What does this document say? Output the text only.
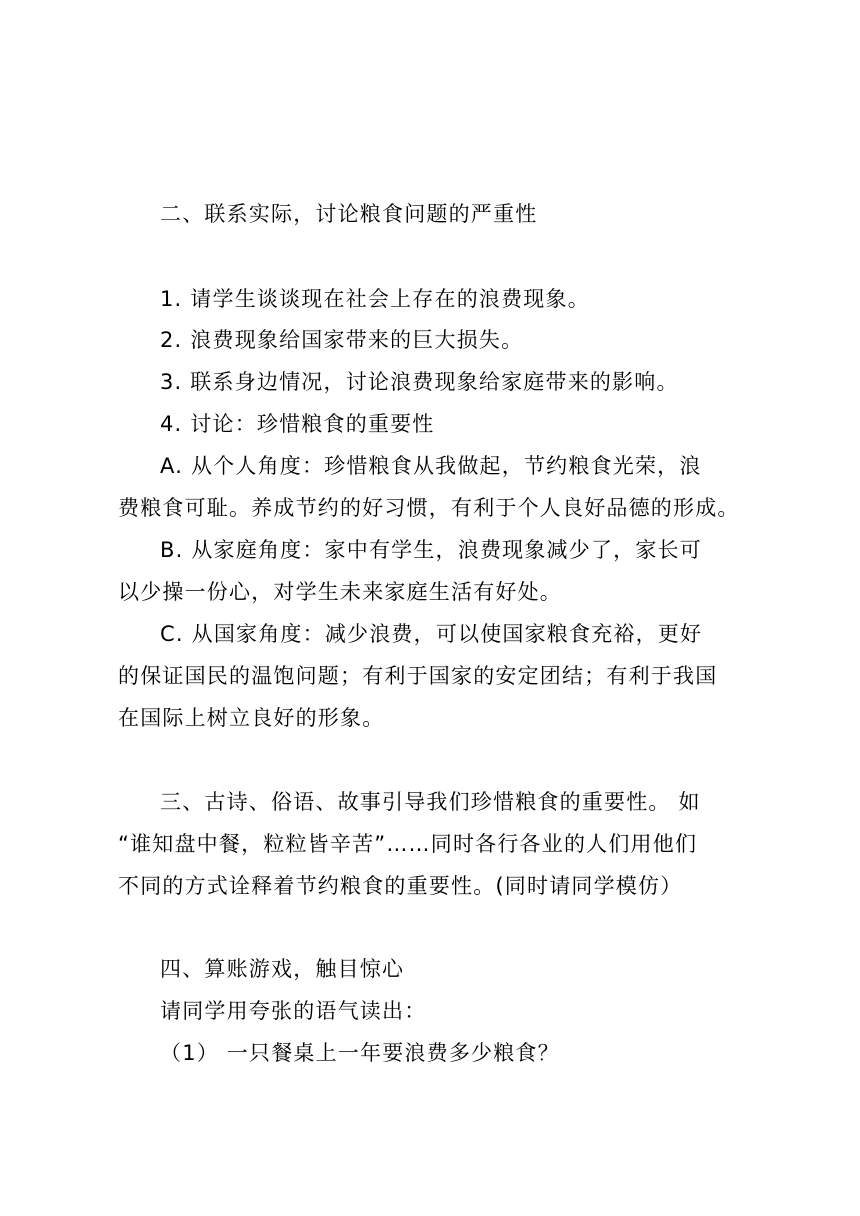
二、联系实际，讨论粮食问题的严重性
1. 请学生谈谈现在社会上存在的浪费现象。
2. 浪费现象给国家带来的巨大损失。
3. 联系身边情况，讨论浪费现象给家庭带来的影响。
4. 讨论：珍惜粮食的重要性
A. 从个人角度：珍惜粮食从我做起，节约粮食光荣，浪
费粮食可耻。养成节约的好习惯，有利于个人良好品德的形成。
B. 从家庭角度：家中有学生，浪费现象减少了，家长可
以少操一份心，对学生未来家庭生活有好处。
C. 从国家角度：减少浪费，可以使国家粮食充裕，更好
的保证国民的温饱问题；有利于国家的安定团结；有利于我国
在国际上树立良好的形象。
三、古诗、俗语、故事引导我们珍惜粮食的重要性。 如
“谁知盘中餐，粒粒皆辛苦”……同时各行各业的人们用他们
不同的方式诠释着节约粮食的重要性。(同时请同学模仿）
四、算账游戏，触目惊心
请同学用夸张的语气读出：
（1） 一只餐桌上一年要浪费多少粮食？
